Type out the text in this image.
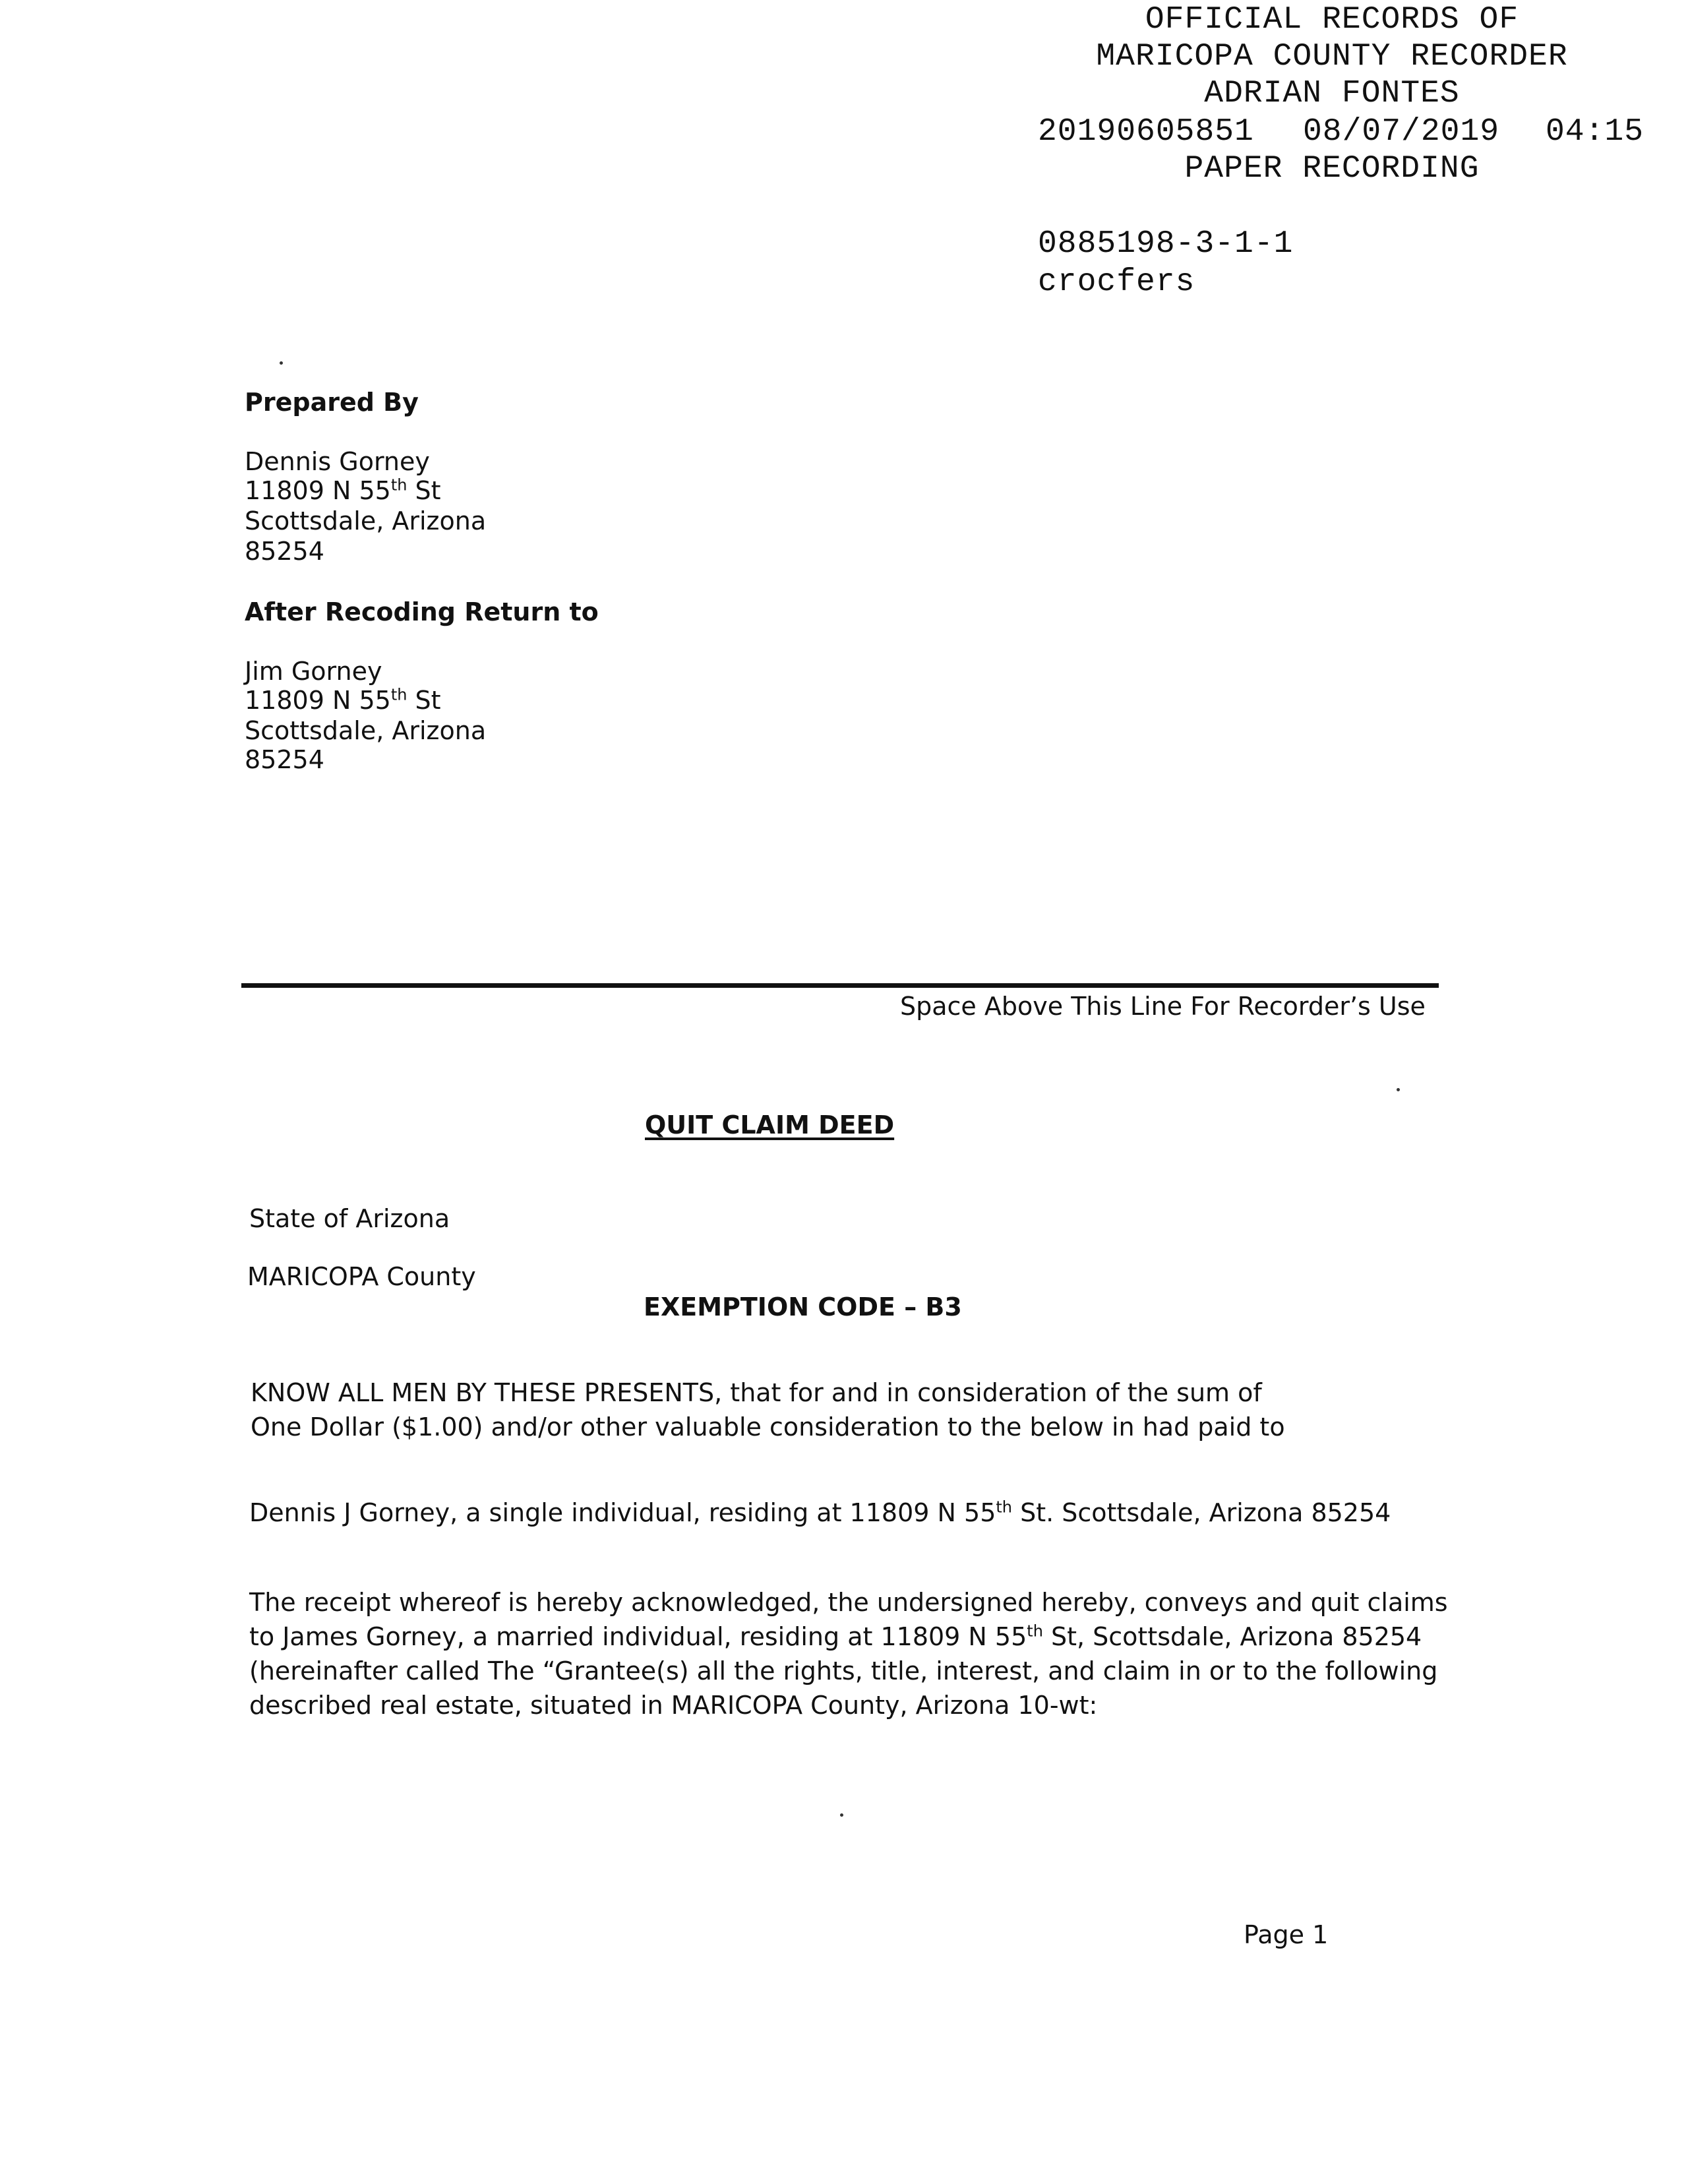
OFFICIAL RECORDS OF
MARICOPA COUNTY RECORDER
ADRIAN FONTES
20190605851 08/07/2019 04:15
PAPER RECORDING
0885198-3-1-1
crocfers
Prepared By
Dennis Gorney
11809 N 55th St
Scottsdale, Arizona
85254
After Recoding Return to
Jim Gorney
11809 N 55th St
Scottsdale, Arizona
85254
Space Above This Line For Recorder’s Use
QUIT CLAIM DEED
State of Arizona
MARICOPA County
EXEMPTION CODE – B3
KNOW ALL MEN BY THESE PRESENTS, that for and in consideration of the sum of
One Dollar ($1.00) and/or other valuable consideration to the below in had paid to
Dennis J Gorney, a single individual, residing at 11809 N 55th St. Scottsdale, Arizona 85254
The receipt whereof is hereby acknowledged, the undersigned hereby, conveys and quit claims
to James Gorney, a married individual, residing at 11809 N 55th St, Scottsdale, Arizona 85254
(hereinafter called The “Grantee(s) all the rights, title, interest, and claim in or to the following
described real estate, situated in MARICOPA County, Arizona 10-wt:
Page 1
